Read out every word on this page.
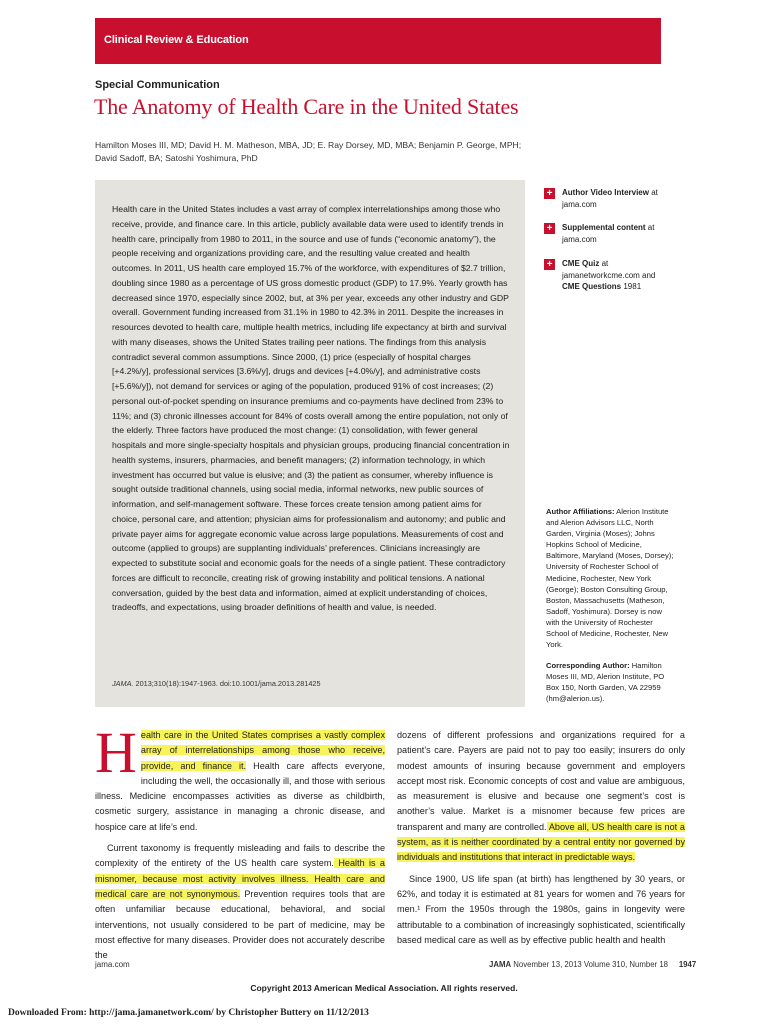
Clinical Review & Education
Special Communication
The Anatomy of Health Care in the United States
Hamilton Moses III, MD; David H. M. Matheson, MBA, JD; E. Ray Dorsey, MD, MBA; Benjamin P. George, MPH; David Sadoff, BA; Satoshi Yoshimura, PhD
Health care in the United States includes a vast array of complex interrelationships among those who receive, provide, and finance care. In this article, publicly available data were used to identify trends in health care, principally from 1980 to 2011, in the source and use of funds (“economic anatomy”), the people receiving and organizations providing care, and the resulting value created and health outcomes. In 2011, US health care employed 15.7% of the workforce, with expenditures of $2.7 trillion, doubling since 1980 as a percentage of US gross domestic product (GDP) to 17.9%. Yearly growth has decreased since 1970, especially since 2002, but, at 3% per year, exceeds any other industry and GDP overall. Government funding increased from 31.1% in 1980 to 42.3% in 2011. Despite the increases in resources devoted to health care, multiple health metrics, including life expectancy at birth and survival with many diseases, shows the United States trailing peer nations. The findings from this analysis contradict several common assumptions. Since 2000, (1) price (especially of hospital charges [+4.2%/y], professional services [3.6%/y], drugs and devices [+4.0%/y], and administrative costs [+5.6%/y]), not demand for services or aging of the population, produced 91% of cost increases; (2) personal out-of-pocket spending on insurance premiums and co-payments have declined from 23% to 11%; and (3) chronic illnesses account for 84% of costs overall among the entire population, not only of the elderly. Three factors have produced the most change: (1) consolidation, with fewer general hospitals and more single-specialty hospitals and physician groups, producing financial concentration in health systems, insurers, pharmacies, and benefit managers; (2) information technology, in which investment has occurred but value is elusive; and (3) the patient as consumer, whereby influence is sought outside traditional channels, using social media, informal networks, new public sources of information, and self-management software. These forces create tension among patient aims for choice, personal care, and attention; physician aims for professionalism and autonomy; and public and private payer aims for aggregate economic value across large populations. Measurements of cost and outcome (applied to groups) are supplanting individuals’ preferences. Clinicians increasingly are expected to substitute social and economic goals for the needs of a single patient. These contradictory forces are difficult to reconcile, creating risk of growing instability and political tensions. A national conversation, guided by the best data and information, aimed at explicit understanding of choices, tradeoffs, and expectations, using broader definitions of health and value, is needed.
JAMA. 2013;310(18):1947-1963. doi:10.1001/jama.2013.281425
+	Author Video Interview at jama.com
+	Supplemental content at jama.com
+	CME Quiz at jamanetworkcme.com and CME Questions 1981
Author Affiliations: Alerion Institute and Alerion Advisors LLC, North Garden, Virginia (Moses); Johns Hopkins School of Medicine, Baltimore, Maryland (Moses, Dorsey); University of Rochester School of Medicine, Rochester, New York (George); Boston Consulting Group, Boston, Massachusetts (Matheson, Sadoff, Yoshimura). Dorsey is now with the University of Rochester School of Medicine, Rochester, New York.
Corresponding Author: Hamilton Moses III, MD, Alerion Institute, PO Box 150, North Garden, VA 22959 (hm@alerion.us).

Health care in the United States comprises a vastly complex array of interrelationships among those who receive, provide, and finance it. Health care affects everyone, including the well, the occasionally ill, and those with serious illness. Medicine encompasses activities as diverse as childbirth, cosmetic surgery, assistance in managing a chronic disease, and hospice care at life’s end.

Current taxonomy is frequently misleading and fails to describe the complexity of the entirety of the US health care system. Health is a misnomer, because most activity involves illness. Health care and medical care are not synonymous. Prevention requires tools that are often unfamiliar because educational, behavioral, and social interventions, not usually considered to be part of medicine, may be most effective for many diseases. Provider does not accurately describe the

dozens of different professions and organizations required for a patient’s care. Payers are paid not to pay too easily; insurers do only modest amounts of insuring because government and employers accept most risk. Economic concepts of cost and value are ambiguous, as measurement is elusive and because one segment’s cost is another’s value. Market is a misnomer because few prices are transparent and many are controlled. Above all, US health care is not a system, as it is neither coordinated by a central entity nor governed by individuals and institutions that interact in predictable ways.

Since 1900, US life span (at birth) has lengthened by 30 years, or 62%, and today it is estimated at 81 years for women and 76 years for men.¹ From the 1950s through the 1980s, gains in longevity were attributable to a combination of increasingly sophisticated, scientifically based medical care as well as by effective public health and health

jama.com	JAMA November 13, 2013 Volume 310, Number 18 1947
Copyright 2013 American Medical Association. All rights reserved.
Downloaded From: http://jama.jamanetwork.com/ by Christopher Buttery on 11/12/2013
